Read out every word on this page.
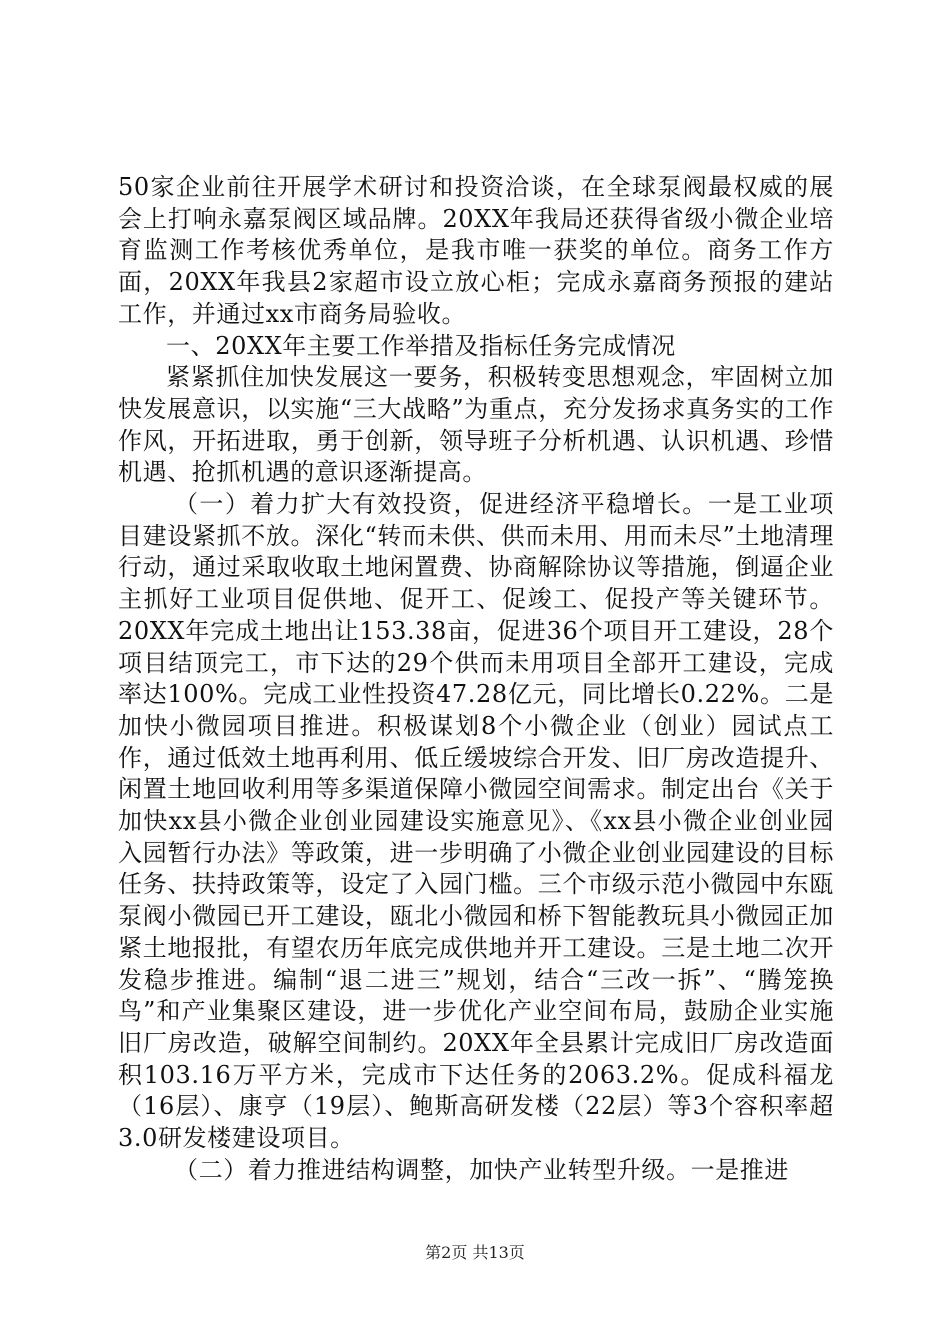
50家企业前往开展学术研讨和投资洽谈，在全球泵阀最权威的展会上打响永嘉泵阀区域品牌。20XX年我局还获得省级小微企业培育监测工作考核优秀单位，是我市唯一获奖的单位。商务工作方面，20XX年我县2家超市设立放心柜；完成永嘉商务预报的建站工作，并通过xx市商务局验收。

一、20XX年主要工作举措及指标任务完成情况

紧紧抓住加快发展这一要务，积极转变思想观念，牢固树立加快发展意识，以实施“三大战略”为重点，充分发扬求真务实的工作作风，开拓进取，勇于创新，领导班子分析机遇、认识机遇、珍惜机遇、抢抓机遇的意识逐渐提高。

（一）着力扩大有效投资，促进经济平稳增长。一是工业项目建设紧抓不放。深化“转而未供、供而未用、用而未尽”土地清理行动，通过采取收取土地闲置费、协商解除协议等措施，倒逼企业主抓好工业项目促供地、促开工、促竣工、促投产等关键环节。20XX年完成土地出让153.38亩，促进36个项目开工建设，28个项目结顶完工，市下达的29个供而未用项目全部开工建设，完成率达100%。完成工业性投资47.28亿元，同比增长0.22%。二是加快小微园项目推进。积极谋划8个小微企业（创业）园试点工作，通过低效土地再利用、低丘缓坡综合开发、旧厂房改造提升、闲置土地回收利用等多渠道保障小微园空间需求。制定出台《关于加快xx县小微企业创业园建设实施意见》、《xx县小微企业创业园入园暂行办法》等政策，进一步明确了小微企业创业园建设的目标任务、扶持政策等，设定了入园门槛。三个市级示范小微园中东瓯泵阀小微园已开工建设，瓯北小微园和桥下智能教玩具小微园正加紧土地报批，有望农历年底完成供地并开工建设。三是土地二次开发稳步推进。编制“退二进三”规划，结合“三改一拆”、“腾笼换鸟”和产业集聚区建设，进一步优化产业空间布局，鼓励企业实施旧厂房改造，破解空间制约。20XX年全县累计完成旧厂房改造面积103.16万平方米，完成市下达任务的2063.2%。促成科福龙（16层）、康亨（19层）、鲍斯高研发楼（22层）等3个容积率超3.0研发楼建设项目。

（二）着力推进结构调整，加快产业转型升级。一是推进

第2页 共13页
